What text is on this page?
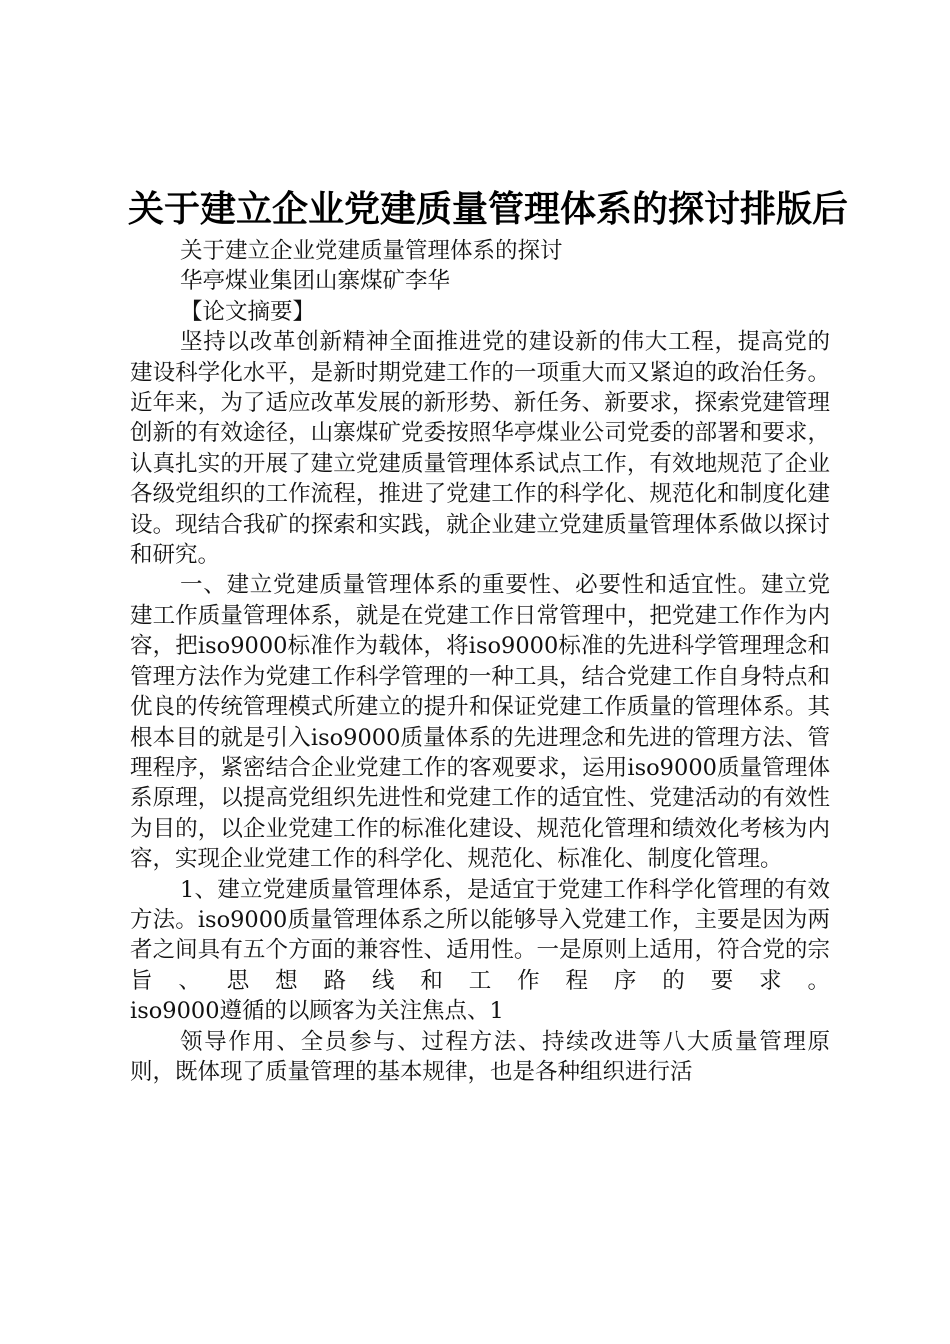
关于建立企业党建质量管理体系的探讨排版后

关于建立企业党建质量管理体系的探讨

华亭煤业集团山寨煤矿李华

【论文摘要】

坚持以改革创新精神全面推进党的建设新的伟大工程，提高党的建设科学化水平，是新时期党建工作的一项重大而又紧迫的政治任务。近年来，为了适应改革发展的新形势、新任务、新要求，探索党建管理创新的有效途径，山寨煤矿党委按照华亭煤业公司党委的部署和要求，认真扎实的开展了建立党建质量管理体系试点工作，有效地规范了企业各级党组织的工作流程，推进了党建工作的科学化、规范化和制度化建设。现结合我矿的探索和实践，就企业建立党建质量管理体系做以探讨和研究。

一、建立党建质量管理体系的重要性、必要性和适宜性。建立党建工作质量管理体系，就是在党建工作日常管理中，把党建工作作为内容，把iso9000标准作为载体，将iso9000标准的先进科学管理理念和管理方法作为党建工作科学管理的一种工具，结合党建工作自身特点和优良的传统管理模式所建立的提升和保证党建工作质量的管理体系。其根本目的就是引入iso9000质量体系的先进理念和先进的管理方法、管理程序，紧密结合企业党建工作的客观要求，运用iso9000质量管理体系原理，以提高党组织先进性和党建工作的适宜性、党建活动的有效性为目的，以企业党建工作的标准化建设、规范化管理和绩效化考核为内容，实现企业党建工作的科学化、规范化、标准化、制度化管理。

1、建立党建质量管理体系，是适宜于党建工作科学化管理的有效方法。iso9000质量管理体系之所以能够导入党建工作，主要是因为两者之间具有五个方面的兼容性、适用性。一是原则上适用，符合党的宗旨、思想路线和工作程序的要求。

iso9000遵循的以顾客为关注焦点、1

领导作用、全员参与、过程方法、持续改进等八大质量管理原则，既体现了质量管理的基本规律，也是各种组织进行活
